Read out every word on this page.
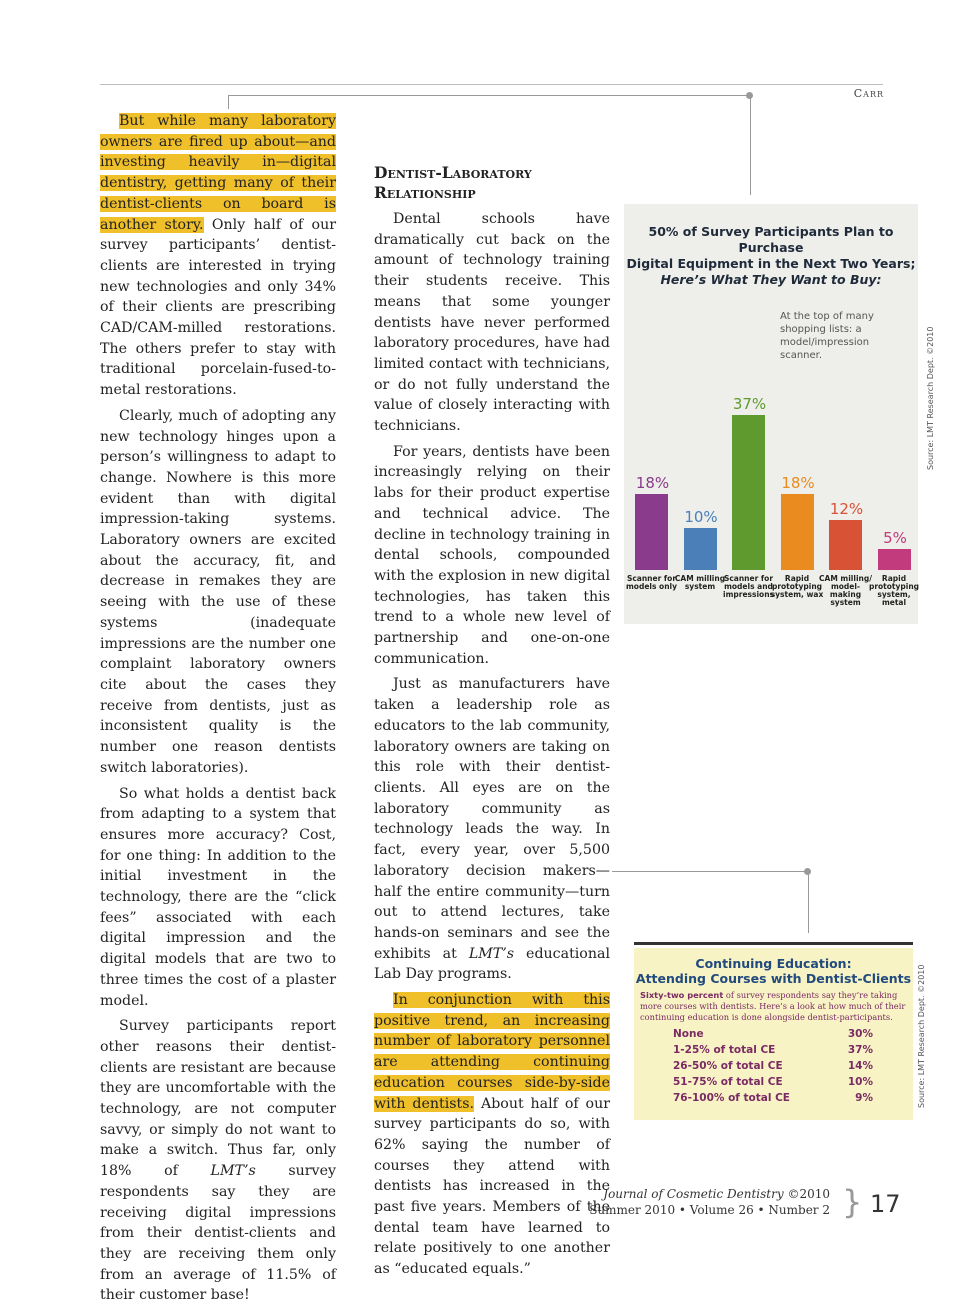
Carr

But while many laboratory owners are fired up about—and investing heavily in—digital dentistry, getting many of their dentist-clients on board is another story. Only half of our survey participants’ dentist-clients are interested in trying new technologies and only 34% of their clients are prescribing CAD/CAM-milled restorations. The others prefer to stay with traditional porcelain-fused-to-metal restorations.

Clearly, much of adopting any new technology hinges upon a person’s willingness to adapt to change. Nowhere is this more evident than with digital impression-taking systems. Laboratory owners are excited about the accuracy, fit, and decrease in remakes they are seeing with the use of these systems (inadequate impressions are the number one complaint laboratory owners cite about the cases they receive from dentists, just as inconsistent quality is the number one reason dentists switch laboratories).

So what holds a dentist back from adapting to a system that ensures more accuracy? Cost, for one thing: In addition to the initial investment in the technology, there are the “click fees” associated with each digital impression and the digital models that are two to three times the cost of a plaster model.

Survey participants report other reasons their dentist-clients are resistant are because they are uncomfortable with the technology, are not computer savvy, or simply do not want to make a switch. Thus far, only 18% of LMT’s survey respondents say they are receiving digital impressions from their dentist-clients and they are receiving them only from an average of 11.5% of their customer base!

Dentist-Laboratory Relationship

Dental schools have dramatically cut back on the amount of technology training their students receive. This means that some younger dentists have never performed laboratory procedures, have had limited contact with technicians, or do not fully understand the value of closely interacting with technicians.

For years, dentists have been increasingly relying on their labs for their product expertise and technical advice. The decline in technology training in dental schools, compounded with the explosion in new digital technologies, has taken this trend to a whole new level of partnership and one-on-one communication.

Just as manufacturers have taken a leadership role as educators to the lab community, laboratory owners are taking on this role with their dentist-clients. All eyes are on the laboratory community as technology leads the way. In fact, every year, over 5,500 laboratory decision makers—half the entire community—turn out to attend lectures, take hands-on seminars and see the exhibits at LMT’s educational Lab Day programs.

In conjunction with this positive trend, an increasing number of laboratory personnel are attending continuing education courses side-by-side with dentists. About half of our survey participants do so, with 62% saying the number of courses they attend with dentists has increased in the past five years. Members of the dental team have learned to relate positively to one another as “educated equals.”

50% of Survey Participants Plan to Purchase
Digital Equipment in the Next Two Years;
Here’s What They Want to Buy:
At the top of many shopping lists: a model/impression scanner.
18%
Scanner for models only
10%
CAM milling system
37%
Scanner for models and impressions
18%
Rapid prototyping system, wax
12%
CAM milling/ model-making system
5%
Rapid prototyping system, metal
Source: LMT Research Dept. ©2010
Continuing Education:
Attending Courses with Dentist-Clients
Sixty-two percent of survey respondents say they’re taking more courses with dentists. Here’s a look at how much of their continuing education is done alongside dentist-participants.
None	30%
1-25% of total CE	37%
26-50% of total CE	14%
51-75% of total CE	10%
76-100% of total CE	9%	Source: LMT Research Dept. ©2010
Journal of Cosmetic Dentistry ©2010
Summer 2010 • Volume 26 • Number 2 } 17
